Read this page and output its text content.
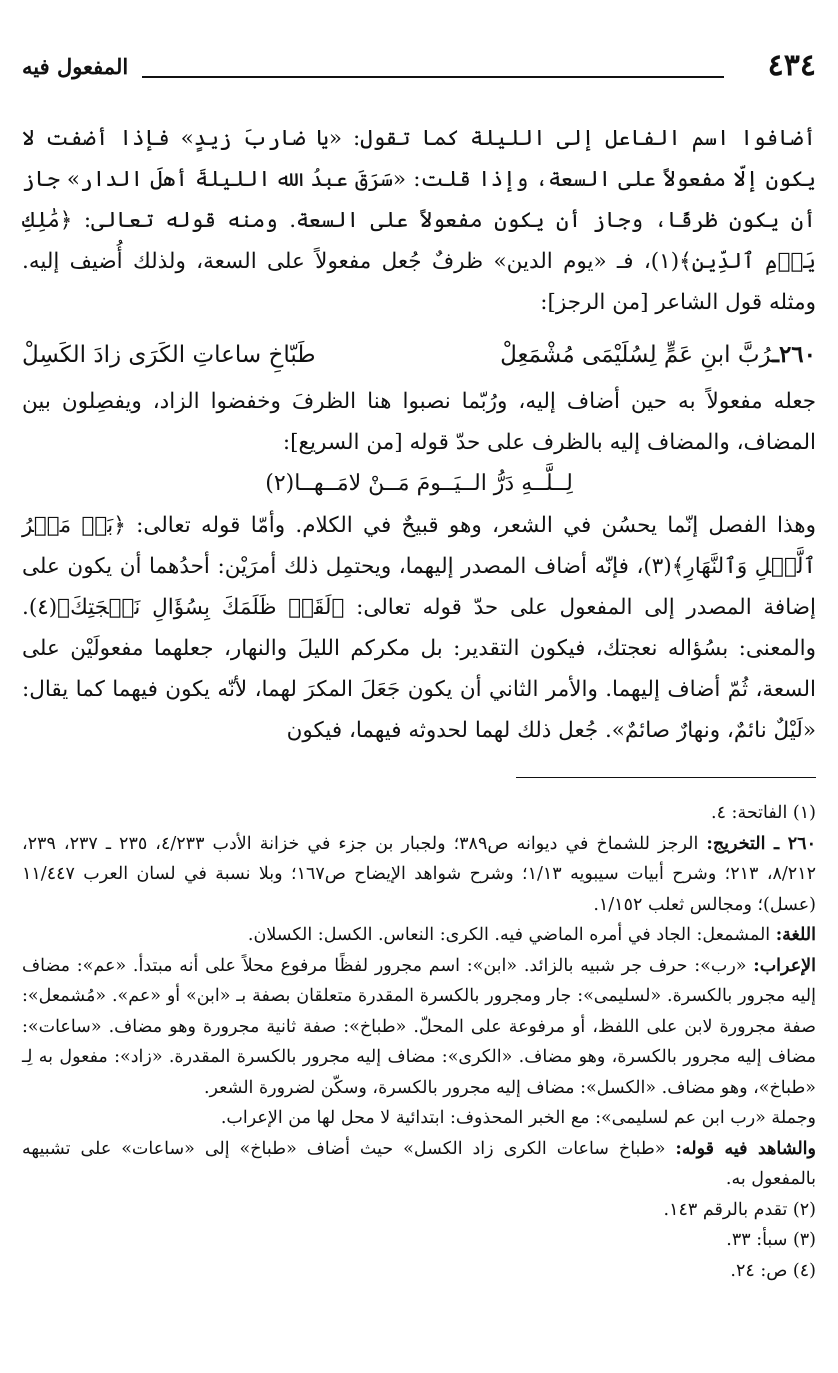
٤٣٤
المفعول فيه

أضافوا اسم الفاعل إلى الليلة كما تقول: «يا ضاربَ زيدٍ» فإذا أضفت لا يكون إلّا مفعولاً على السعة، وإذا قلت: «سَرَقَ عبدُ الله الليلةَ أهلَ الدار» جاز أن يكون ظرفًا، وجاز أن يكون مفعولاً على السعة. ومنه قوله تعالى: ﴿مَٰلِكِ يَوۡمِ ٱلدِّينِ﴾(١)، فـ «يوم الدين» ظرفٌ جُعل مفعولاً على السعة، ولذلك أُضيف إليه. ومثله قول الشاعر [من الرجز]:

٢٦٠ـرُبَّ ابنِ عَمٍّ لِسُلَيْمَى مُشْمَعِلْ
طَبّاخِ ساعاتِ الكَرَى زادَ الكَسِلْ

جعله مفعولاً به حين أضاف إليه، ورُبّما نصبوا هنا الظرفَ وخفضوا الزاد، ويفصِلون بين المضاف، والمضاف إليه بالظرف على حدّ قوله [من السريع]:

لِــلَّــهِ دَرُّ الــيَــومَ مَــنْ لامَــهــا(٢)

وهذا الفصل إنّما يحسُن في الشعر، وهو قبيحٌ في الكلام. وأمّا قوله تعالى: ﴿بَلۡ مَكۡرُ ٱلَّيۡلِ وَٱلنَّهَارِ﴾(٣)، فإنّه أضاف المصدر إليهما، ويحتمِل ذلك أمرَيْن: أحدُهما أن يكون على إضافة المصدر إلى المفعول على حدّ قوله تعالى: ﴿لَقَدۡ ظَلَمَكَ بِسُؤَالِ نَعۡجَتِكَ﴾(٤). والمعنى: بسُؤاله نعجتك، فيكون التقدير: بل مكركم الليلَ والنهار، جعلهما مفعولَيْن على السعة، ثُمّ أضاف إليهما. والأمر الثاني أن يكون جَعَلَ المكرَ لهما، لأنّه يكون فيهما كما يقال: «لَيْلٌ نائمٌ، ونهارٌ صائمٌ». جُعل ذلك لهما لحدوثه فيهما، فيكون

(١) الفاتحة: ٤.

٢٦٠ ـ التخريج: الرجز للشماخ في ديوانه ص٣٨٩؛ ولجبار بن جزء في خزانة الأدب ٤/٢٣٣، ٢٣٥ ـ ٢٣٧، ٢٣٩، ٨/٢١٢، ٢١٣؛ وشرح أبيات سيبويه ١/١٣؛ وشرح شواهد الإيضاح ص١٦٧؛ وبلا نسبة في لسان العرب ١١/٤٤٧ (عسل)؛ ومجالس ثعلب ١/١٥٢.

اللغة: المشمعل: الجاد في أمره الماضي فيه. الكرى: النعاس. الكسل: الكسلان.

الإعراب: «رب»: حرف جر شبيه بالزائد. «ابن»: اسم مجرور لفظًا مرفوع محلاً على أنه مبتدأ. «عم»: مضاف إليه مجرور بالكسرة. «لسليمى»: جار ومجرور بالكسرة المقدرة متعلقان بصفة بـ «ابن» أو «عم». «مُشمعل»: صفة مجرورة لابن على اللفظ، أو مرفوعة على المحلّ. «طباخ»: صفة ثانية مجرورة وهو مضاف. «ساعات»: مضاف إليه مجرور بالكسرة، وهو مضاف. «الكرى»: مضاف إليه مجرور بالكسرة المقدرة. «زاد»: مفعول به لِـ «طباخ»، وهو مضاف. «الكسل»: مضاف إليه مجرور بالكسرة، وسكّن لضرورة الشعر.

وجملة «رب ابن عم لسليمى»: مع الخبر المحذوف: ابتدائية لا محل لها من الإعراب.

والشاهد فيه قوله: «طباخ ساعات الكرى زاد الكسل» حيث أضاف «طباخ» إلى «ساعات» على تشبيهه بالمفعول به.

(٢) تقدم بالرقم ١٤٣.

(٣) سبأ: ٣٣.

(٤) ص: ٢٤.
